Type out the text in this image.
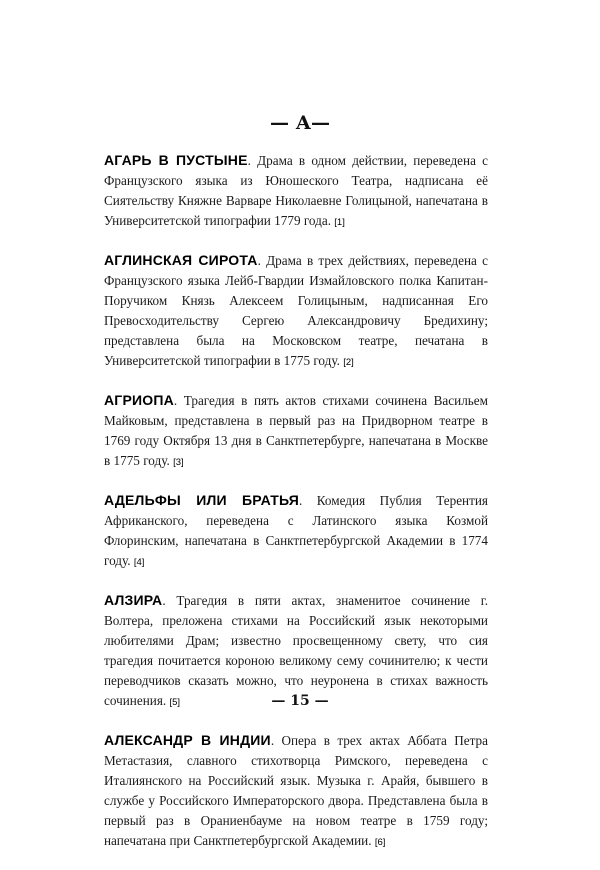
— А—

АГАРЬ В ПУСТЫНЕ. Драма в одном действии, переведена с Французского языка из Юношеского Театра, надписана её Сиятельству Княжне Варваре Николаевне Голицыной, напечатана в Университетской типографии 1779 года. [1]

АГЛИНСКАЯ СИРОТА. Драма в трех действиях, переведена с Французского языка Лейб-Гвардии Измайловского полка Капитан-Поручиком Князь Алексеем Голицыным, надписанная Его Превосходительству Сергею Александровичу Бредихину; представлена была на Московском театре, печатана в Университетской типографии в 1775 году. [2]

АГРИОПА. Трагедия в пять актов стихами сочинена Васильем Майковым, представлена в первый раз на Придворном театре в 1769 году Октября 13 дня в Санктпетербурге, напечатана в Москве в 1775 году. [3]

АДЕЛЬФЫ ИЛИ БРАТЬЯ. Комедия Публия Терентия Африканского, переведена с Латинского языка Козмой Флоринским, напечатана в Санктпетербургской Академии в 1774 году. [4]

АЛЗИРА. Трагедия в пяти актах, знаменитое сочинение г. Волтера, преложена стихами на Российский язык некоторыми любителями Драм; известно просвещенному свету, что сия трагедия почитается короною великому сему сочинителю; к чести переводчиков сказать можно, что неуронена в стихах важность сочинения. [5]

АЛЕКСАНДР В ИНДИИ. Опера в трех актах Аббата Петра Метастазия, славного стихотворца Римского, переведена с Италиянского на Российский язык. Музыка г. Арайя, бывшего в службе у Российского Императорского двора. Представлена была в первый раз в Ораниенбауме на новом театре в 1759 году; напечатана при Санктпетербургской Академии. [6]

— 15 —
